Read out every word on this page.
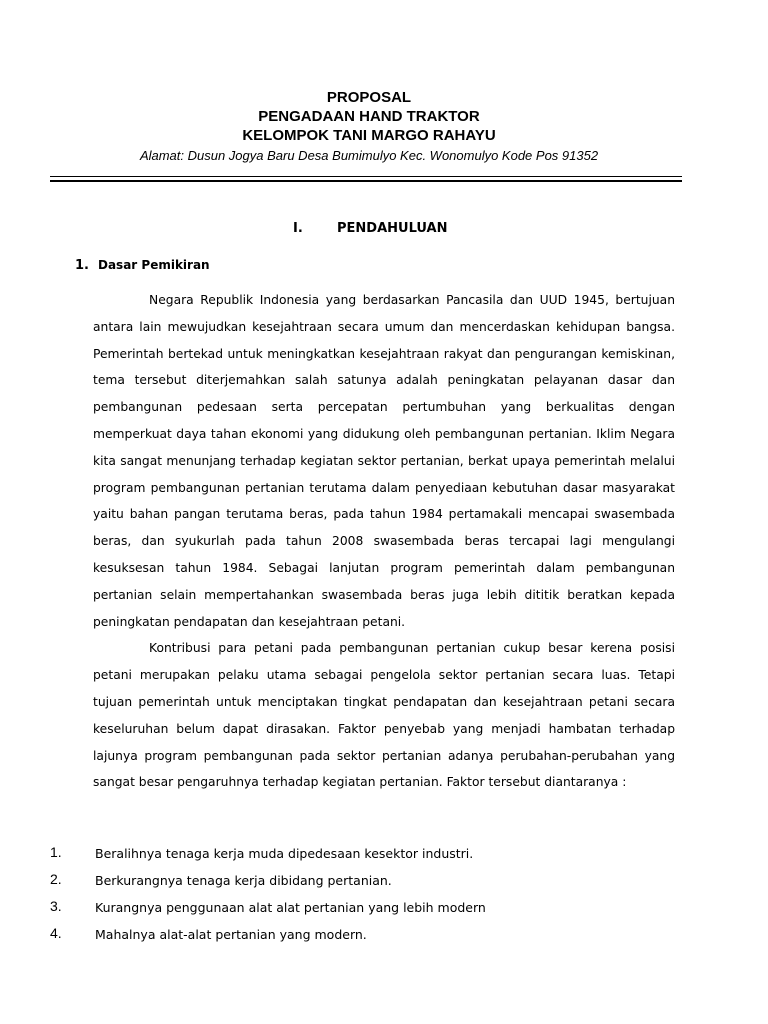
PROPOSAL
PENGADAAN HAND TRAKTOR
KELOMPOK TANI MARGO RAHAYU
Alamat: Dusun Jogya Baru Desa Bumimulyo Kec. Wonomulyo Kode Pos 91352
I.	PENDAHULUAN
1. Dasar Pemikiran

Negara Republik Indonesia yang berdasarkan Pancasila dan UUD 1945, bertujuan antara lain mewujudkan kesejahtraan secara umum dan mencerdaskan kehidupan bangsa. Pemerintah bertekad untuk meningkatkan kesejahtraan rakyat dan pengurangan kemiskinan, tema tersebut diterjemahkan salah satunya adalah peningkatan pelayanan dasar dan pembangunan pedesaan serta percepatan pertumbuhan yang berkualitas dengan memperkuat daya tahan ekonomi yang didukung oleh pembangunan pertanian. Iklim Negara kita sangat menunjang terhadap kegiatan sektor pertanian, berkat upaya pemerintah melalui program pembangunan pertanian terutama dalam penyediaan kebutuhan dasar masyarakat yaitu bahan pangan terutama beras, pada tahun 1984 pertamakali mencapai swasembada beras, dan syukurlah pada tahun 2008 swasembada beras tercapai lagi mengulangi kesuksesan tahun 1984. Sebagai lanjutan program pemerintah dalam pembangunan pertanian selain mempertahankan swasembada beras juga lebih dititik beratkan kepada peningkatan pendapatan dan kesejahtraan petani.

Kontribusi para petani pada pembangunan pertanian cukup besar kerena posisi petani merupakan pelaku utama sebagai pengelola sektor pertanian secara luas. Tetapi tujuan pemerintah untuk menciptakan tingkat pendapatan dan kesejahtraan petani secara keseluruhan belum dapat dirasakan. Faktor penyebab yang menjadi hambatan terhadap lajunya program pembangunan pada sektor pertanian adanya perubahan-perubahan yang sangat besar pengaruhnya terhadap kegiatan pertanian. Faktor tersebut diantaranya :

1.	Beralihnya tenaga kerja muda dipedesaan kesektor industri.
2.	Berkurangnya tenaga kerja dibidang pertanian.
3.	Kurangnya penggunaan alat alat pertanian yang lebih modern
4.	Mahalnya alat-alat pertanian yang modern.
